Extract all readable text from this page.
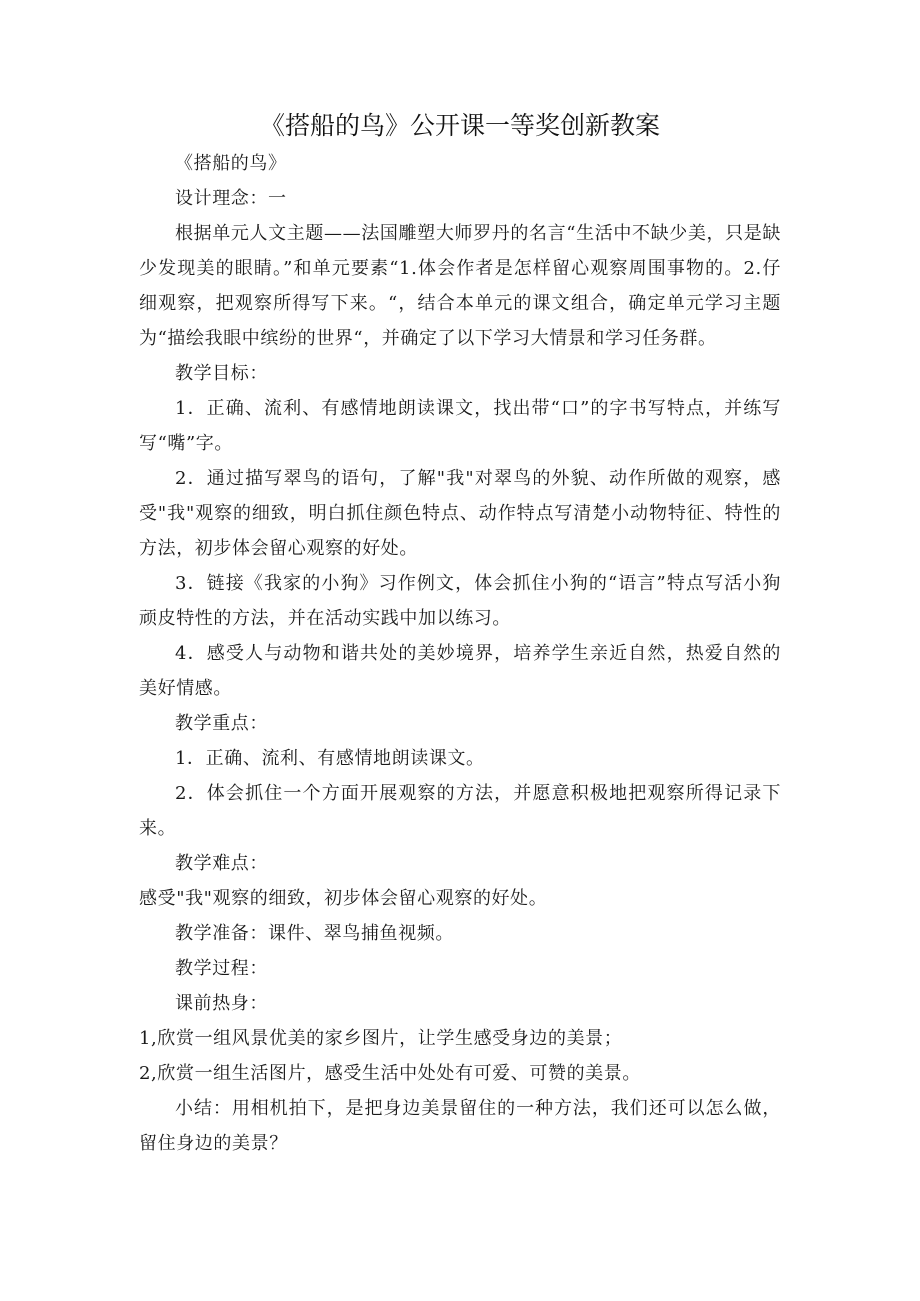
《搭船的鸟》公开课一等奖创新教案

《搭船的鸟》

设计理念：一

根据单元人文主题——法国雕塑大师罗丹的名言“生活中不缺少美，只是缺少发现美的眼睛。”和单元要素“1.体会作者是怎样留心观察周围事物的。2.仔细观察，把观察所得写下来。“，结合本单元的课文组合，确定单元学习主题为“描绘我眼中缤纷的世界“，并确定了以下学习大情景和学习任务群。

教学目标：

1．正确、流利、有感情地朗读课文，找出带“口”的字书写特点，并练写写“嘴”字。

2．通过描写翠鸟的语句，了解"我"对翠鸟的外貌、动作所做的观察，感受"我"观察的细致，明白抓住颜色特点、动作特点写清楚小动物特征、特性的方法，初步体会留心观察的好处。

3．链接《我家的小狗》习作例文，体会抓住小狗的“语言”特点写活小狗顽皮特性的方法，并在活动实践中加以练习。

4．感受人与动物和谐共处的美妙境界，培养学生亲近自然，热爱自然的美好情感。

教学重点：

1．正确、流利、有感情地朗读课文。

2．体会抓住一个方面开展观察的方法，并愿意积极地把观察所得记录下来。

教学难点：

感受"我"观察的细致，初步体会留心观察的好处。

教学准备：课件、翠鸟捕鱼视频。

教学过程：

课前热身：

1,欣赏一组风景优美的家乡图片，让学生感受身边的美景；

2,欣赏一组生活图片，感受生活中处处有可爱、可赞的美景。

小结：用相机拍下，是把身边美景留住的一种方法，我们还可以怎么做，留住身边的美景？
